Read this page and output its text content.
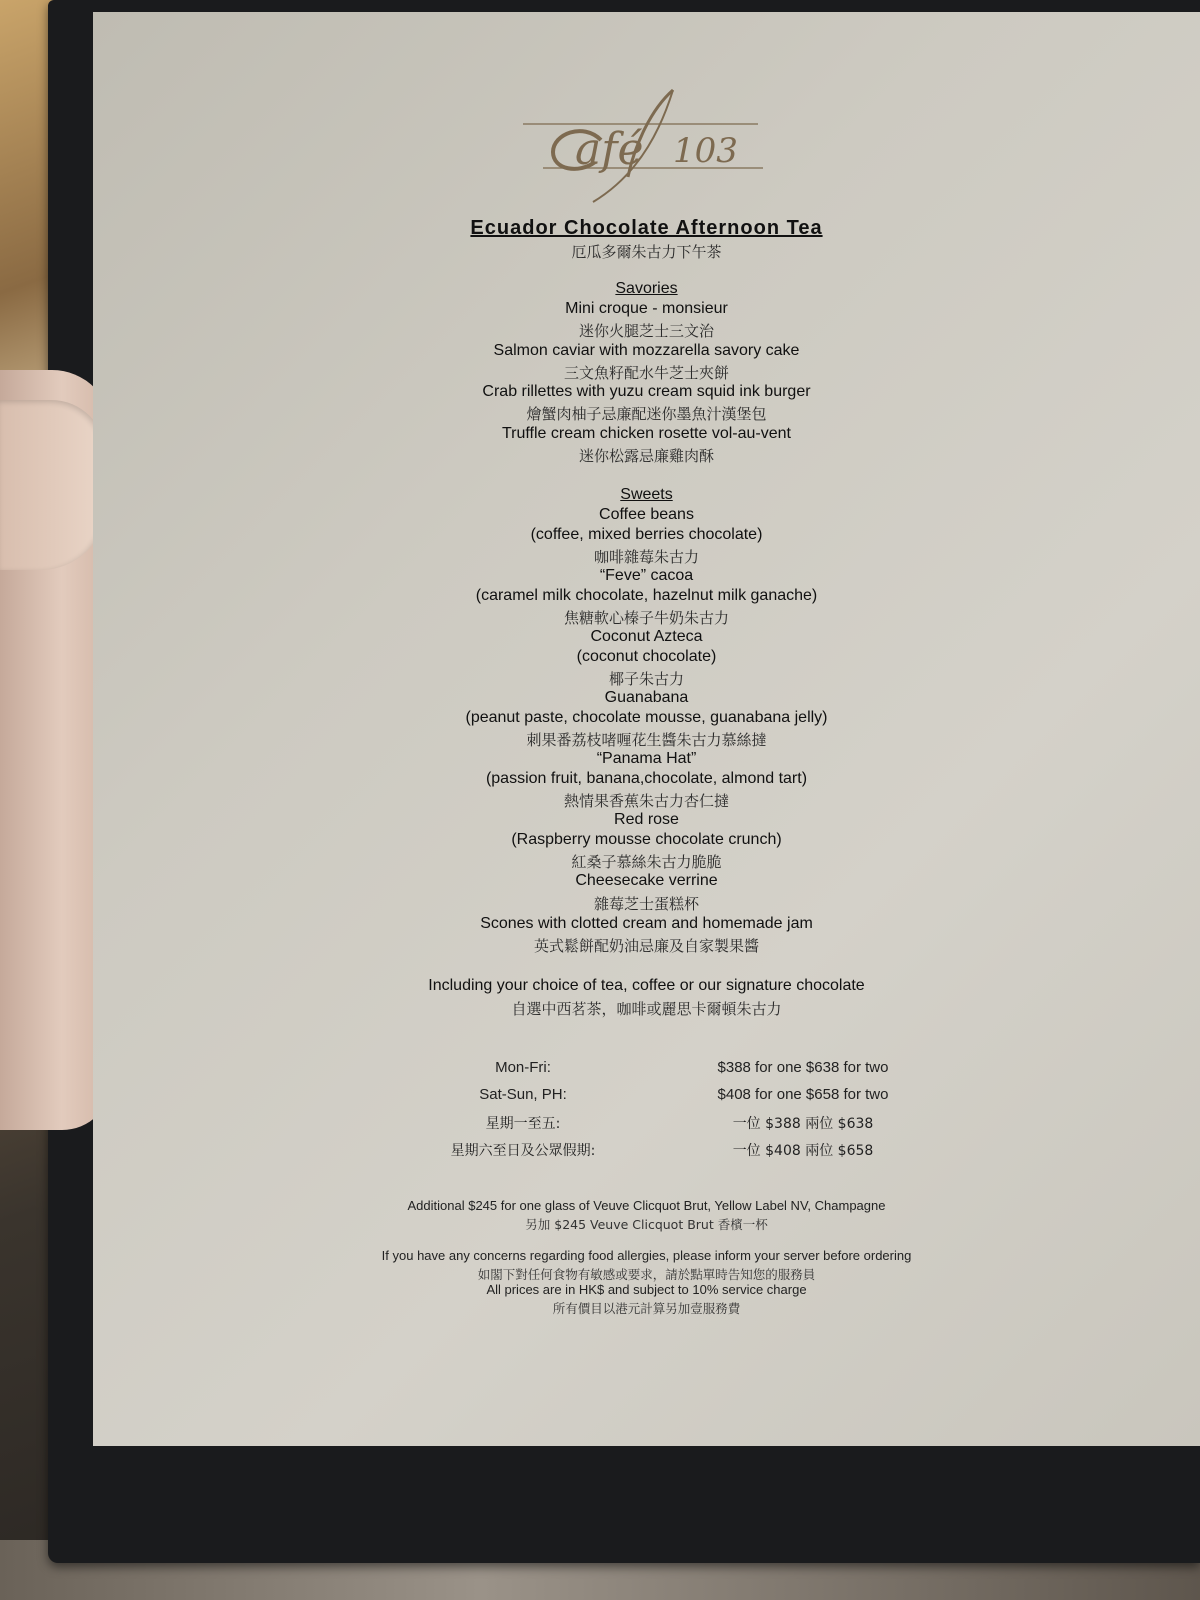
afé 103
Ecuador Chocolate Afternoon Tea
厄瓜多爾朱古力下午茶
Savories
Mini croque - monsieur
迷你火腿芝士三文治
Salmon caviar with mozzarella savory cake
三文魚籽配水牛芝士夾餅
Crab rillettes with yuzu cream squid ink burger
燴蟹肉柚子忌廉配迷你墨魚汁漢堡包
Truffle cream chicken rosette vol-au-vent
迷你松露忌廉雞肉酥
Sweets
Coffee beans
(coffee, mixed berries chocolate)
咖啡雜莓朱古力
“Feve” cacoa
(caramel milk chocolate, hazelnut milk ganache)
焦糖軟心榛子牛奶朱古力
Coconut Azteca
(coconut chocolate)
椰子朱古力
Guanabana
(peanut paste, chocolate mousse, guanabana jelly)
刺果番荔枝啫喱花生醬朱古力慕絲撻
“Panama Hat”
(passion fruit, banana,chocolate, almond tart)
熱情果香蕉朱古力杏仁撻
Red rose
(Raspberry mousse chocolate crunch)
紅桑子慕絲朱古力脆脆
Cheesecake verrine
雜莓芝士蛋糕杯
Scones with clotted cream and homemade jam
英式鬆餅配奶油忌廉及自家製果醬
Including your choice of tea, coffee or our signature chocolate
自選中西茗茶，咖啡或麗思卡爾頓朱古力
Mon-Fri:	$388 for one $638 for two
Sat-Sun, PH:	$408 for one $658 for two
星期一至五:	一位 $388 兩位 $638
星期六至日及公眾假期:	一位 $408 兩位 $658
Additional $245 for one glass of Veuve Clicquot Brut, Yellow Label NV, Champagne
另加 $245 Veuve Clicquot Brut 香檳一杯
If you have any concerns regarding food allergies, please inform your server before ordering
如閣下對任何食物有敏感或要求，請於點單時告知您的服務員
All prices are in HK$ and subject to 10% service charge
所有價目以港元計算另加壹服務費
